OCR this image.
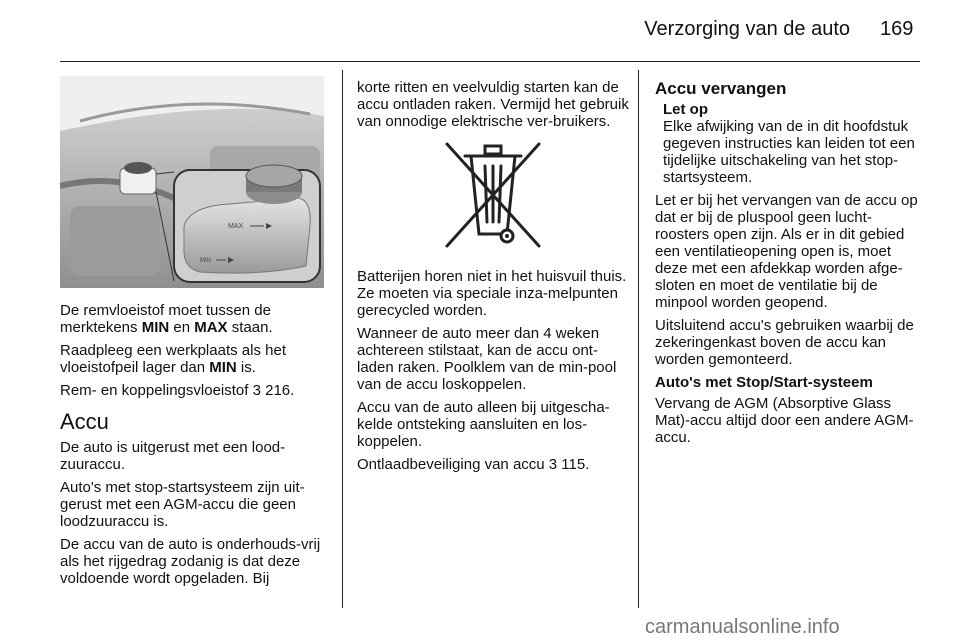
Verzorging van de auto 169
MAX
MIN

De remvloeistof moet tussen de merktekens MIN en MAX staan.

Raadpleeg een werkplaats als het vloeistofpeil lager dan MIN is.

Rem- en koppelingsvloeistof 3 216.

Accu

De auto is uitgerust met een lood-zuuraccu.

Auto's met stop-startsysteem zijn uit-gerust met een AGM-accu die geen loodzuuraccu is.

De accu van de auto is onderhouds-vrij als het rijgedrag zodanig is dat deze voldoende wordt opgeladen. Bij

korte ritten en veelvuldig starten kan de accu ontladen raken. Vermijd het gebruik van onnodige elektrische ver-bruikers.

Batterijen horen niet in het huisvuil thuis. Ze moeten via speciale inza-melpunten gerecycled worden.

Wanneer de auto meer dan 4 weken achtereen stilstaat, kan de accu ont-laden raken. Poolklem van de min-pool van de accu loskoppelen.

Accu van de auto alleen bij uitgescha-kelde ontsteking aansluiten en los-koppelen.

Ontlaadbeveiliging van accu 3 115.

Accu vervangen
Let op
Elke afwijking van de in dit hoofdstuk gegeven instructies kan leiden tot een tijdelijke uitschakeling van het stop- startsysteem.

Let er bij het vervangen van de accu op dat er bij de pluspool geen lucht-roosters open zijn. Als er in dit gebied een ventilatieopening open is, moet deze met een afdekkap worden afge-sloten en moet de ventilatie bij de minpool worden geopend.

Uitsluitend accu's gebruiken waarbij de zekeringenkast boven de accu kan worden gemonteerd.

Auto's met Stop/Start-systeem

Vervang de AGM (Absorptive Glass Mat)-accu altijd door een andere AGM-accu.

carmanualsonline.info
